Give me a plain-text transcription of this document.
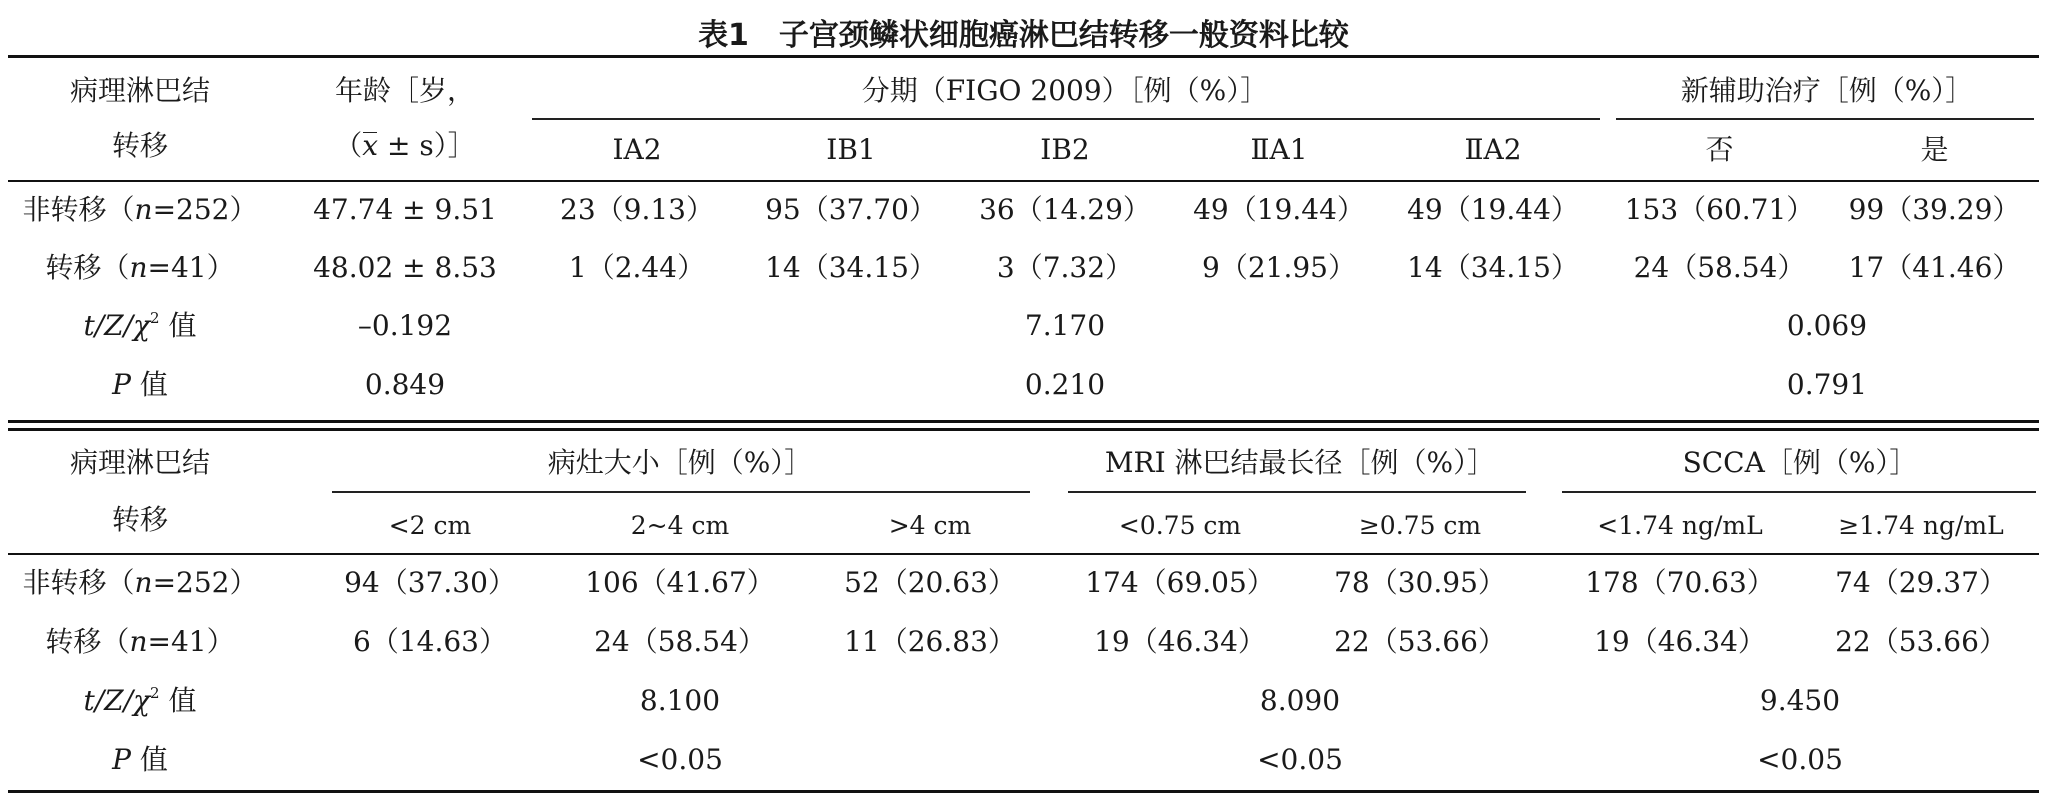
表1　子宫颈鳞状细胞癌淋巴结转移一般资料比较
病理淋巴结
转移
年龄［岁，
（x ± s）］
分期（FIGO 2009）［例（%）］	新辅助治疗［例（%）］
ⅠA2	ⅠB1	ⅠB2	ⅡA1	ⅡA2	否	是
非转移（n=252）	47.74 ± 9.51	23（9.13）	95（37.70）	36（14.29）	49（19.44）	49（19.44）	153（60.71）	99（39.29）
转移（n=41）	48.02 ± 8.53	1（2.44）	14（34.15）	3（7.32）	9（21.95）	14（34.15）	24（58.54）	17（41.46）
$t/Z/\chi^2$ 值	–0.192	7.170	0.069
P 值	0.849	0.210	0.791
病理淋巴结
转移
病灶大小［例（%）］	MRI 淋巴结最长径［例（%）］	SCCA［例（%）］
<2 cm	2~4 cm	>4 cm	<0.75 cm	≥0.75 cm	<1.74 ng/mL	≥1.74 ng/mL
非转移（n=252）	94（37.30）	106（41.67）	52（20.63）	174（69.05）	78（30.95）	178（70.63）	74（29.37）
转移（n=41）	6（14.63）	24（58.54）	11（26.83）	19（46.34）	22（53.66）	19（46.34）	22（53.66）
$t/Z/\chi^2$ 值	8.100	8.090	9.450
P 值	<0.05	<0.05	<0.05
